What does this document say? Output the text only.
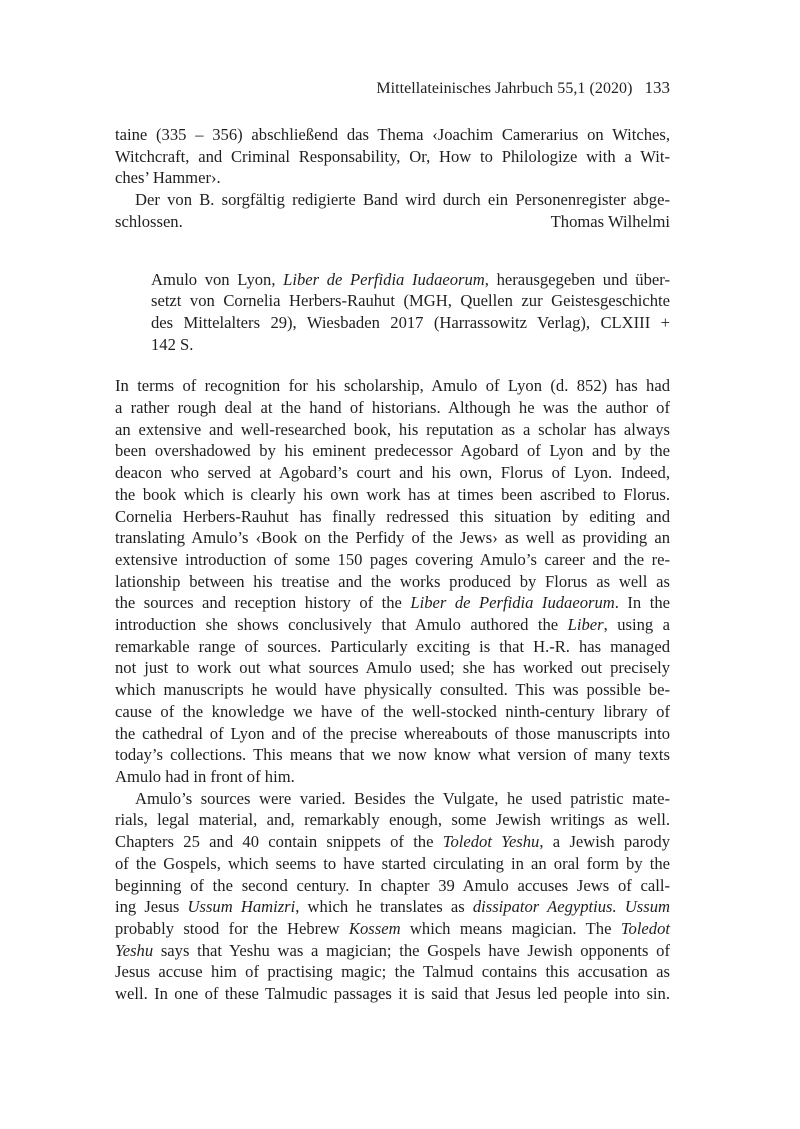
Mittellateinisches Jahrbuch 55,1 (2020) 133
taine (335 – 356) abschließend das Thema ‹Joachim Camerarius on Witches,
Witchcraft, and Criminal Responsability, Or, How to Philologize with a Wit-
ches’ Hammer›.
Der von B. sorgfältig redigierte Band wird durch ein Personenregister abge-
schlossen.	Thomas Wilhelmi
Amulo von Lyon, Liber de Perfidia Iudaeorum, herausgegeben und über-
setzt von Cornelia Herbers-Rauhut (MGH, Quellen zur Geistesgeschichte
des Mittelalters 29), Wiesbaden 2017 (Harrassowitz Verlag), CLXIII +
142 S.
In terms of recognition for his scholarship, Amulo of Lyon (d. 852) has had
a rather rough deal at the hand of historians. Although he was the author of
an extensive and well-researched book, his reputation as a scholar has always
been overshadowed by his eminent predecessor Agobard of Lyon and by the
deacon who served at Agobard’s court and his own, Florus of Lyon. Indeed,
the book which is clearly his own work has at times been ascribed to Florus.
Cornelia Herbers-Rauhut has finally redressed this situation by editing and
translating Amulo’s ‹Book on the Perfidy of the Jews› as well as providing an
extensive introduction of some 150 pages covering Amulo’s career and the re-
lationship between his treatise and the works produced by Florus as well as
the sources and reception history of the Liber de Perfidia Iudaeorum. In the
introduction she shows conclusively that Amulo authored the Liber, using a
remarkable range of sources. Particularly exciting is that H.-R. has managed
not just to work out what sources Amulo used; she has worked out precisely
which manuscripts he would have physically consulted. This was possible be-
cause of the knowledge we have of the well-stocked ninth-century library of
the cathedral of Lyon and of the precise whereabouts of those manuscripts into
today’s collections. This means that we now know what version of many texts
Amulo had in front of him.
Amulo’s sources were varied. Besides the Vulgate, he used patristic mate-
rials, legal material, and, remarkably enough, some Jewish writings as well.
Chapters 25 and 40 contain snippets of the Toledot Yeshu, a Jewish parody
of the Gospels, which seems to have started circulating in an oral form by the
beginning of the second century. In chapter 39 Amulo accuses Jews of call-
ing Jesus Ussum Hamizri, which he translates as dissipator Aegyptius. Ussum
probably stood for the Hebrew Kossem which means magician. The Toledot
Yeshu says that Yeshu was a magician; the Gospels have Jewish opponents of
Jesus accuse him of practising magic; the Talmud contains this accusation as
well. In one of these Talmudic passages it is said that Jesus led people into sin.
